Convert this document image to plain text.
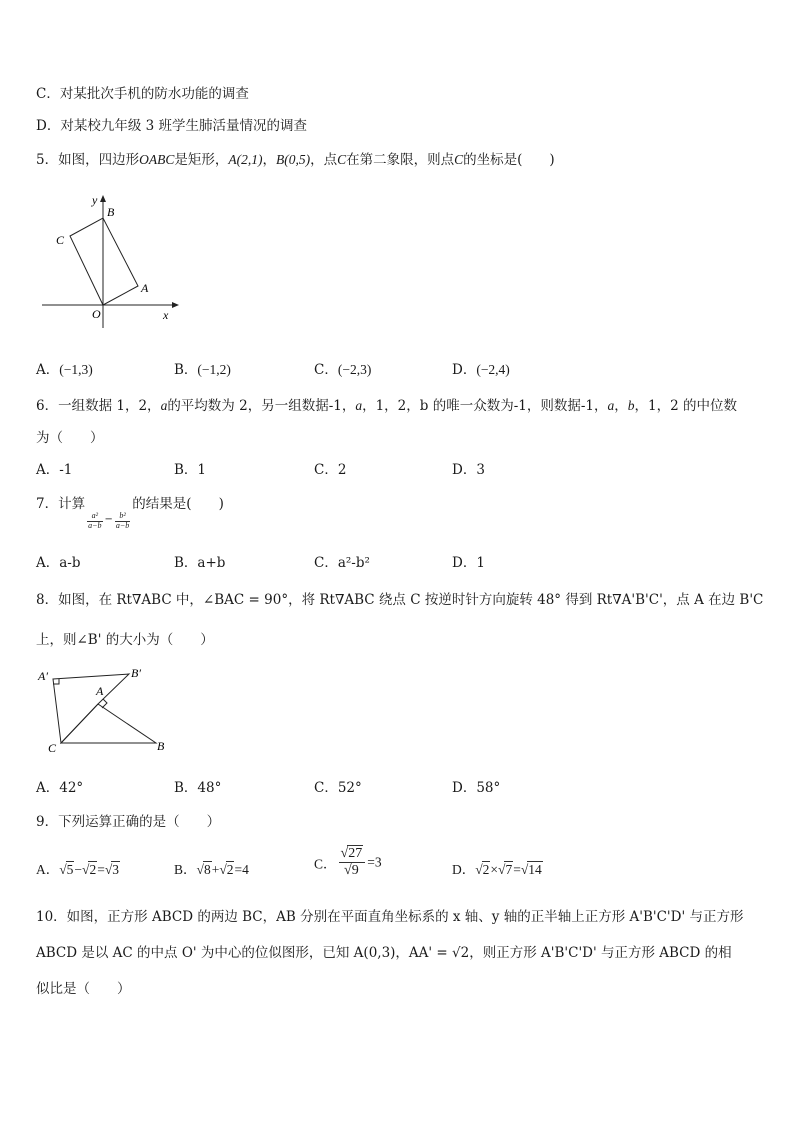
C．对某批次手机的防水功能的调查
D．对某校九年级 3 班学生肺活量情况的调查
5．如图，四边形OABC是矩形，A(2,1)，B(0,5)，点C在第二象限，则点C的坐标是(　　)
y
B
C
A
O	x
A．(−1,3)	B．(−1,2)	C．(−2,3)	D．(−2,4)
6．一组数据 1，2，a的平均数为 2，另一组数据-1，a，1，2，b 的唯一众数为-1，则数据-1，a，b，1，2 的中位数
为（　　）
A．-1	B．1	C．2	D．3
7．计算
$\frac{\text{a²}}{a-b} _- \frac{\text{b²}}{a-b}$
的结果是(　　)
A．a-b	B．a+b	C．a²-b²	D．1
8．如图，在 Rt∇ABC 中，∠BAC = 90°，将 Rt∇ABC 绕点 C 按逆时针方向旋转 48° 得到 Rt∇A'B'C'，点 A 在边 B'C
上，则∠B' 的大小为（　　）
A′	B′
A
C	B
A．42°	B．48°	C．52°	D．58°
9．下列运算正确的是（　　）
A．√5−√2=√3	B．√8+√2=4	C． $\frac{√27}{√9} =3$	D．√2×√7=√14
10．如图，正方形 ABCD 的两边 BC，AB 分别在平面直角坐标系的 x 轴、y 轴的正半轴上正方形 A'B'C'D' 与正方形
ABCD 是以 AC 的中点 O' 为中心的位似图形，已知 A(0,3)，AA' = √2，则正方形 A'B'C'D' 与正方形 ABCD 的相
似比是（　　）
